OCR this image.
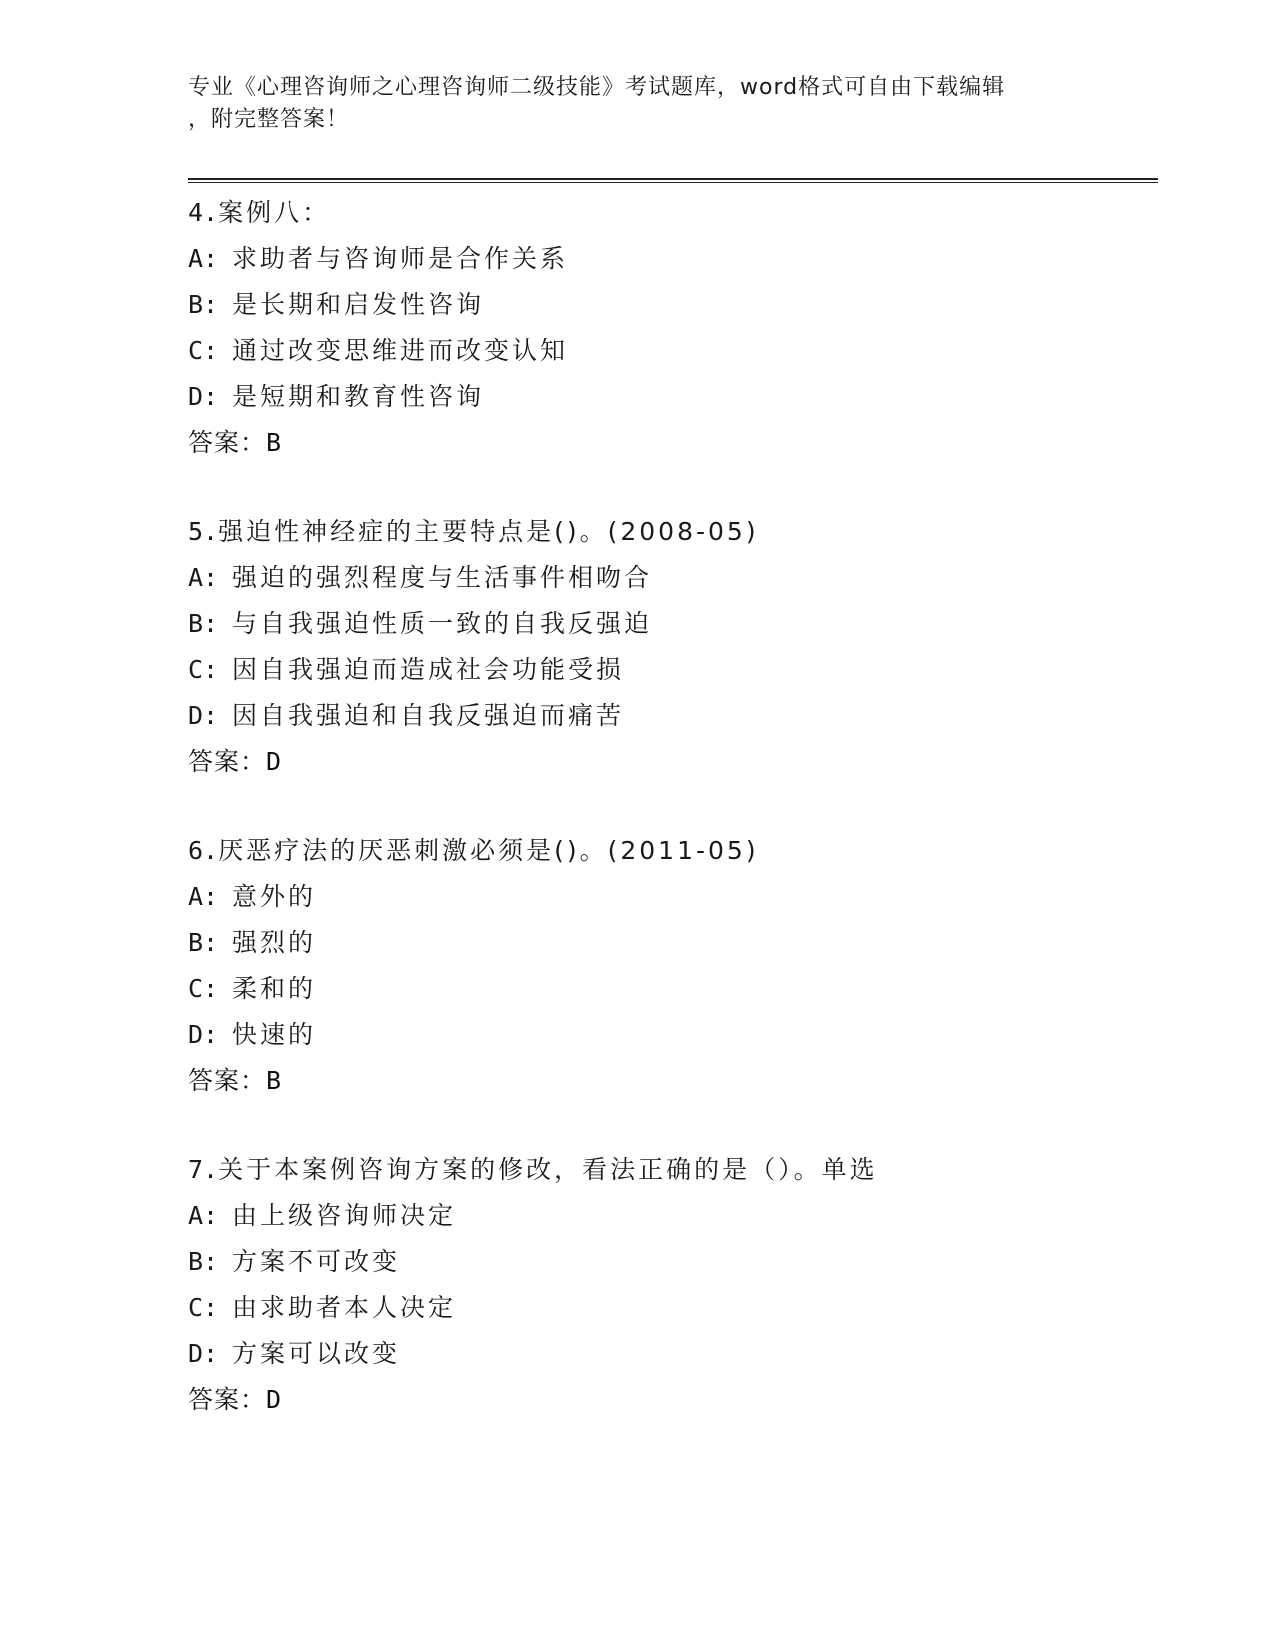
专业《心理咨询师之心理咨询师二级技能》考试题库，word格式可自由下载编辑
，附完整答案！
4.案例八：
A: 求助者与咨询师是合作关系
B: 是长期和启发性咨询
C: 通过改变思维进而改变认知
D: 是短期和教育性咨询
答案：B
5.强迫性神经症的主要特点是()。(2008-05)
A: 强迫的强烈程度与生活事件相吻合
B: 与自我强迫性质一致的自我反强迫
C: 因自我强迫而造成社会功能受损
D: 因自我强迫和自我反强迫而痛苦
答案：D
6.厌恶疗法的厌恶刺激必须是()。(2011-05)
A: 意外的
B: 强烈的
C: 柔和的
D: 快速的
答案：B
7.关于本案例咨询方案的修改，看法正确的是（）。单选
A: 由上级咨询师决定
B: 方案不可改变
C: 由求助者本人决定
D: 方案可以改变
答案：D
